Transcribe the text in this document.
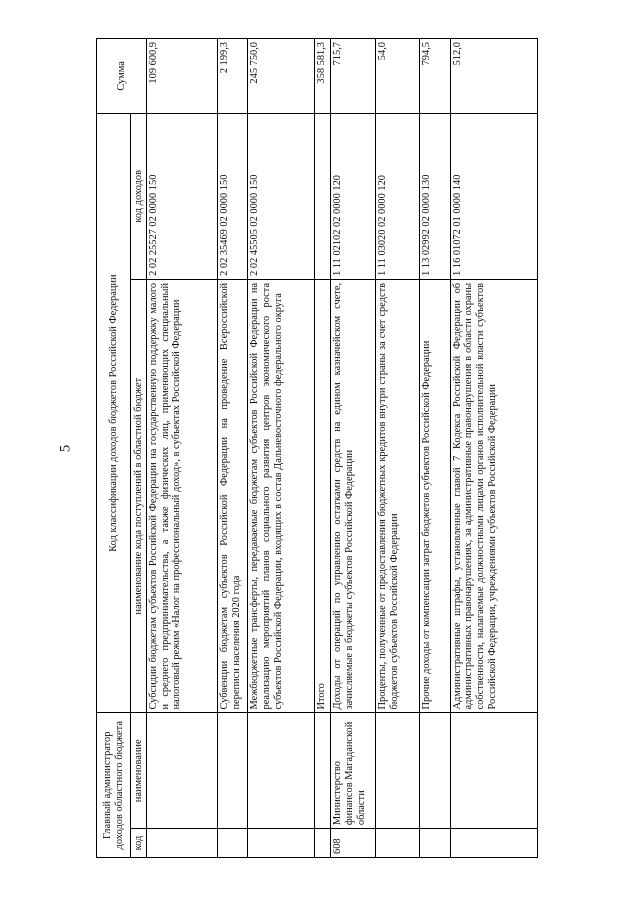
5
Главный администратор доходов областного бюджета		Код классификации доходов бюджетов Российской Федерации		Сумма
код	наименование	наименование кода поступлений в областной бюджет	код доходов	
		Субсидии бюджетам субъектов Российской Федерации на государственную поддержку малого и среднего предпринимательства, а также физических лиц, применяющих специальный налоговый режим «Налог на профессиональный доход», в субъектах Российской Федерации	2 02 25527 02 0000 150	109 600,9
		Субвенции бюджетам субъектов Российской Федерации на проведение Всероссийской переписи населения 2020 года	2 02 35469 02 0000 150	2 199,3
		Межбюджетные трансферты, передаваемые бюджетам субъектов Российской Федерации на реализацию мероприятий планов социального развития центров экономического роста субъектов Российской Федерации, входящих в состав Дальневосточного федерального округа	2 02 45505 02 0000 150	245 750,0
		Итого		358 581,3
608	Министерство финансов Магаданской области	Доходы от операций по управлению остатками средств на едином казначейском счете, зачисляемые в бюджеты субъектов Российской Федерации	1 11 02102 02 0000 120	715,7
		Проценты, полученные от предоставления бюджетных кредитов внутри страны за счет средств бюджетов субъектов Российской Федерации	1 11 03020 02 0000 120	54,0
		Прочие доходы от компенсации затрат бюджетов субъектов Российской Федерации	1 13 02992 02 0000 130	794,5
		Административные штрафы, установленные главой 7 Кодекса Российской Федерации об административных правонарушениях, за административные правонарушения в области охраны собственности, налагаемые должностными лицами органов исполнительной власти субъектов Российской Федерации, учреждениями субъектов Российской Федерации	1 16 01072 01 0000 140	512,0
